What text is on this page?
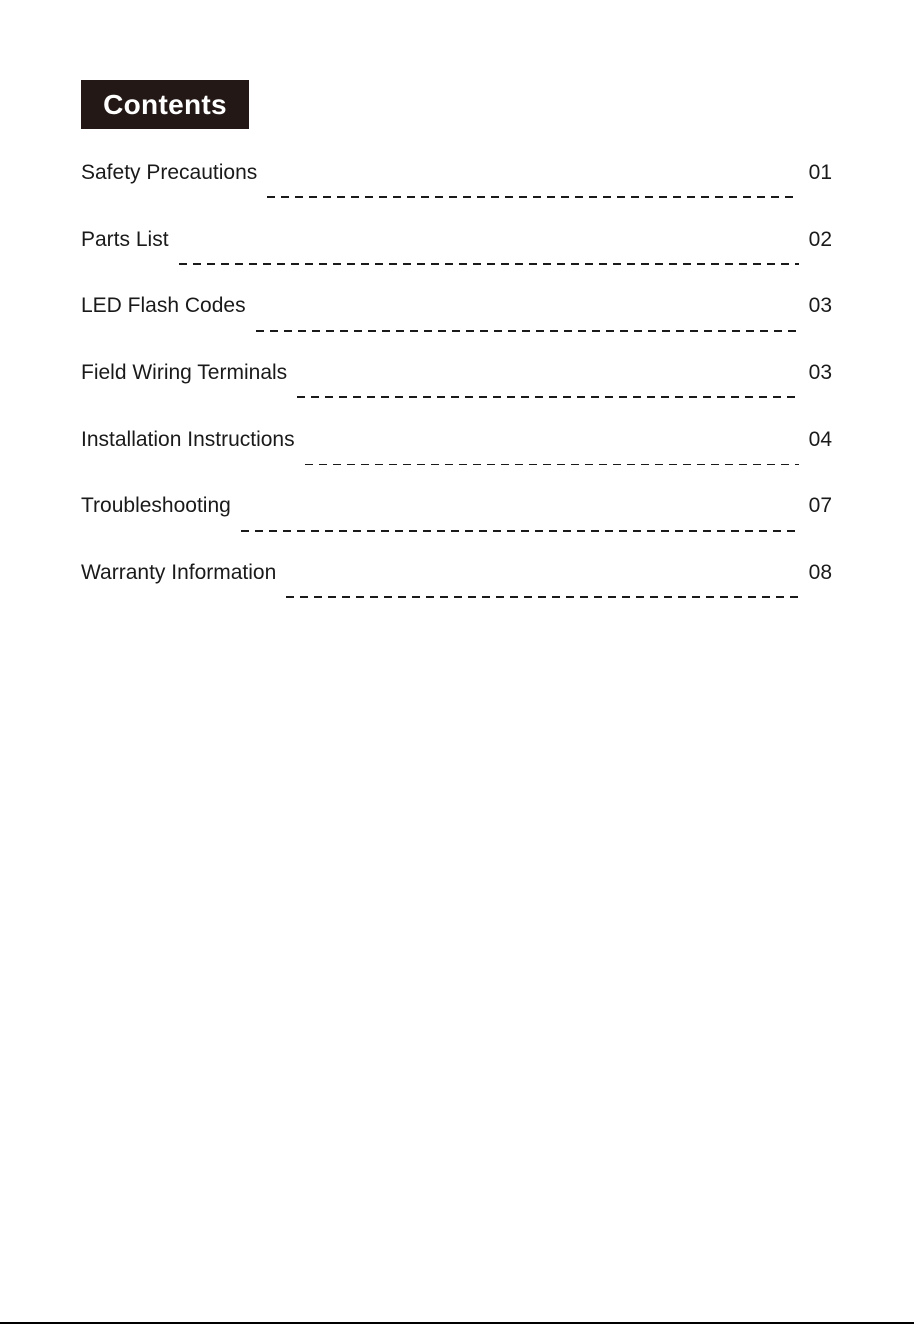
Contents
Safety Precautions	01
Parts List	02
LED Flash Codes	03
Field Wiring Terminals	03
Installation Instructions	04
Troubleshooting	07
Warranty Information	08
